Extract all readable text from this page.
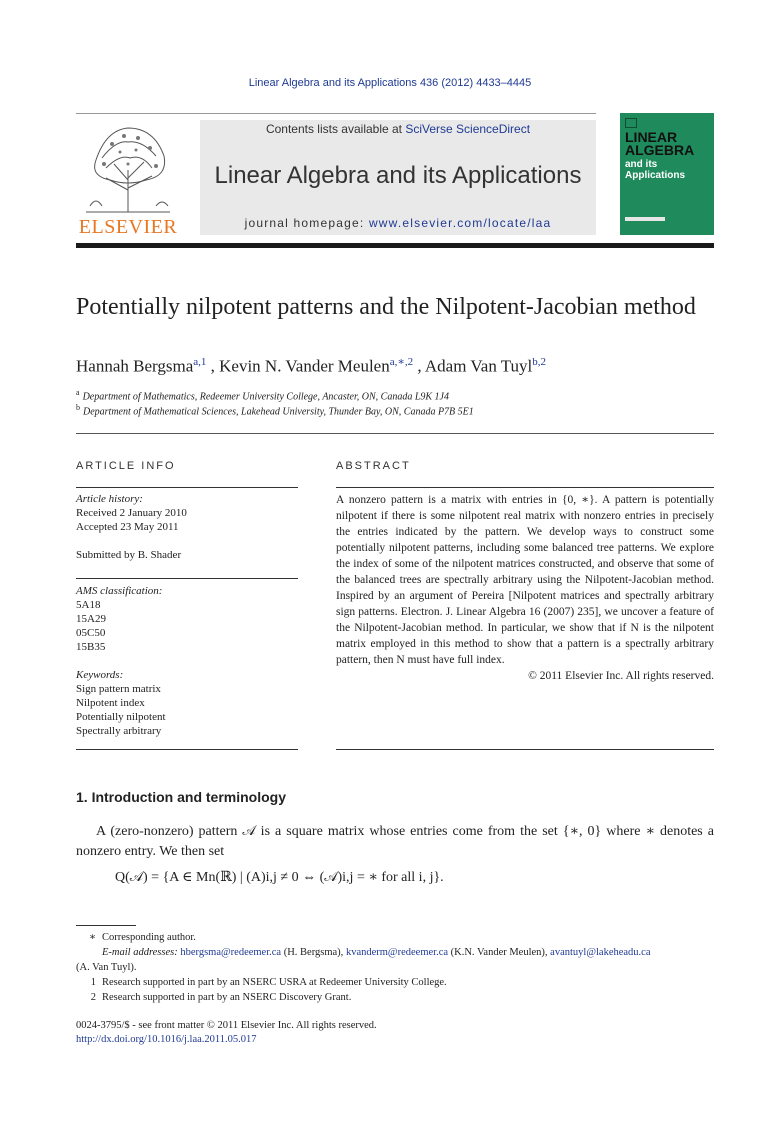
Linear Algebra and its Applications 436 (2012) 4433–4445
ELSEVIER
Contents lists available at SciVerse ScienceDirect
Linear Algebra and its Applications
journal homepage: www.elsevier.com/locate/laa
LINEAR ALGEBRA
and its Applications
Potentially nilpotent patterns and the Nilpotent-Jacobian method
Hannah Bergsma$^{a,1}$ , Kevin N. Vander Meulen$^{a,∗,2}$ , Adam Van Tuyl$^{b,2}$
$^a$ Department of Mathematics, Redeemer University College, Ancaster, ON, Canada L9K 1J4
$^b$ Department of Mathematical Sciences, Lakehead University, Thunder Bay, ON, Canada P7B 5E1
ARTICLE INFO	ABSTRACT
Article history:
Received 2 January 2010
Accepted 23 May 2011
Submitted by B. Shader
AMS classification:
5A18
15A29
05C50
15B35
Keywords:
Sign pattern matrix
Nilpotent index
Potentially nilpotent
Spectrally arbitrary
A nonzero pattern is a matrix with entries in {0, ∗}. A pattern is potentially nilpotent if there is some nilpotent real matrix with nonzero entries in precisely the entries indicated by the pattern. We develop ways to construct some potentially nilpotent patterns, including some balanced tree patterns. We explore the index of some of the nilpotent matrices constructed, and observe that some of the balanced trees are spectrally arbitrary using the Nilpotent-Jacobian method. Inspired by an argument of Pereira [Nilpotent matrices and spectrally arbitrary sign patterns. Electron. J. Linear Algebra 16 (2007) 235], we uncover a feature of the Nilpotent-Jacobian method. In particular, we show that if N is the nilpotent matrix employed in this method to show that a pattern is a spectrally arbitrary pattern, then N must have full index.
© 2011 Elsevier Inc. All rights reserved.
1. Introduction and terminology
A (zero-nonzero) pattern 𝒜 is a square matrix whose entries come from the set {∗, 0} where ∗ denotes a nonzero entry. We then set
Q(𝒜) = {A ∈ Mn(ℝ) | (A)i,j ≠ 0 ⇔ (𝒜)i,j = ∗ for all i, j}.
∗ Corresponding author.
E-mail addresses: hbergsma@redeemer.ca (H. Bergsma), kvanderm@redeemer.ca (K.N. Vander Meulen), avantuyl@lakeheadu.ca
(A. Van Tuyl).
1 Research supported in part by an NSERC USRA at Redeemer University College.
2 Research supported in part by an NSERC Discovery Grant.
0024-3795/$ - see front matter © 2011 Elsevier Inc. All rights reserved.
http://dx.doi.org/10.1016/j.laa.2011.05.017
